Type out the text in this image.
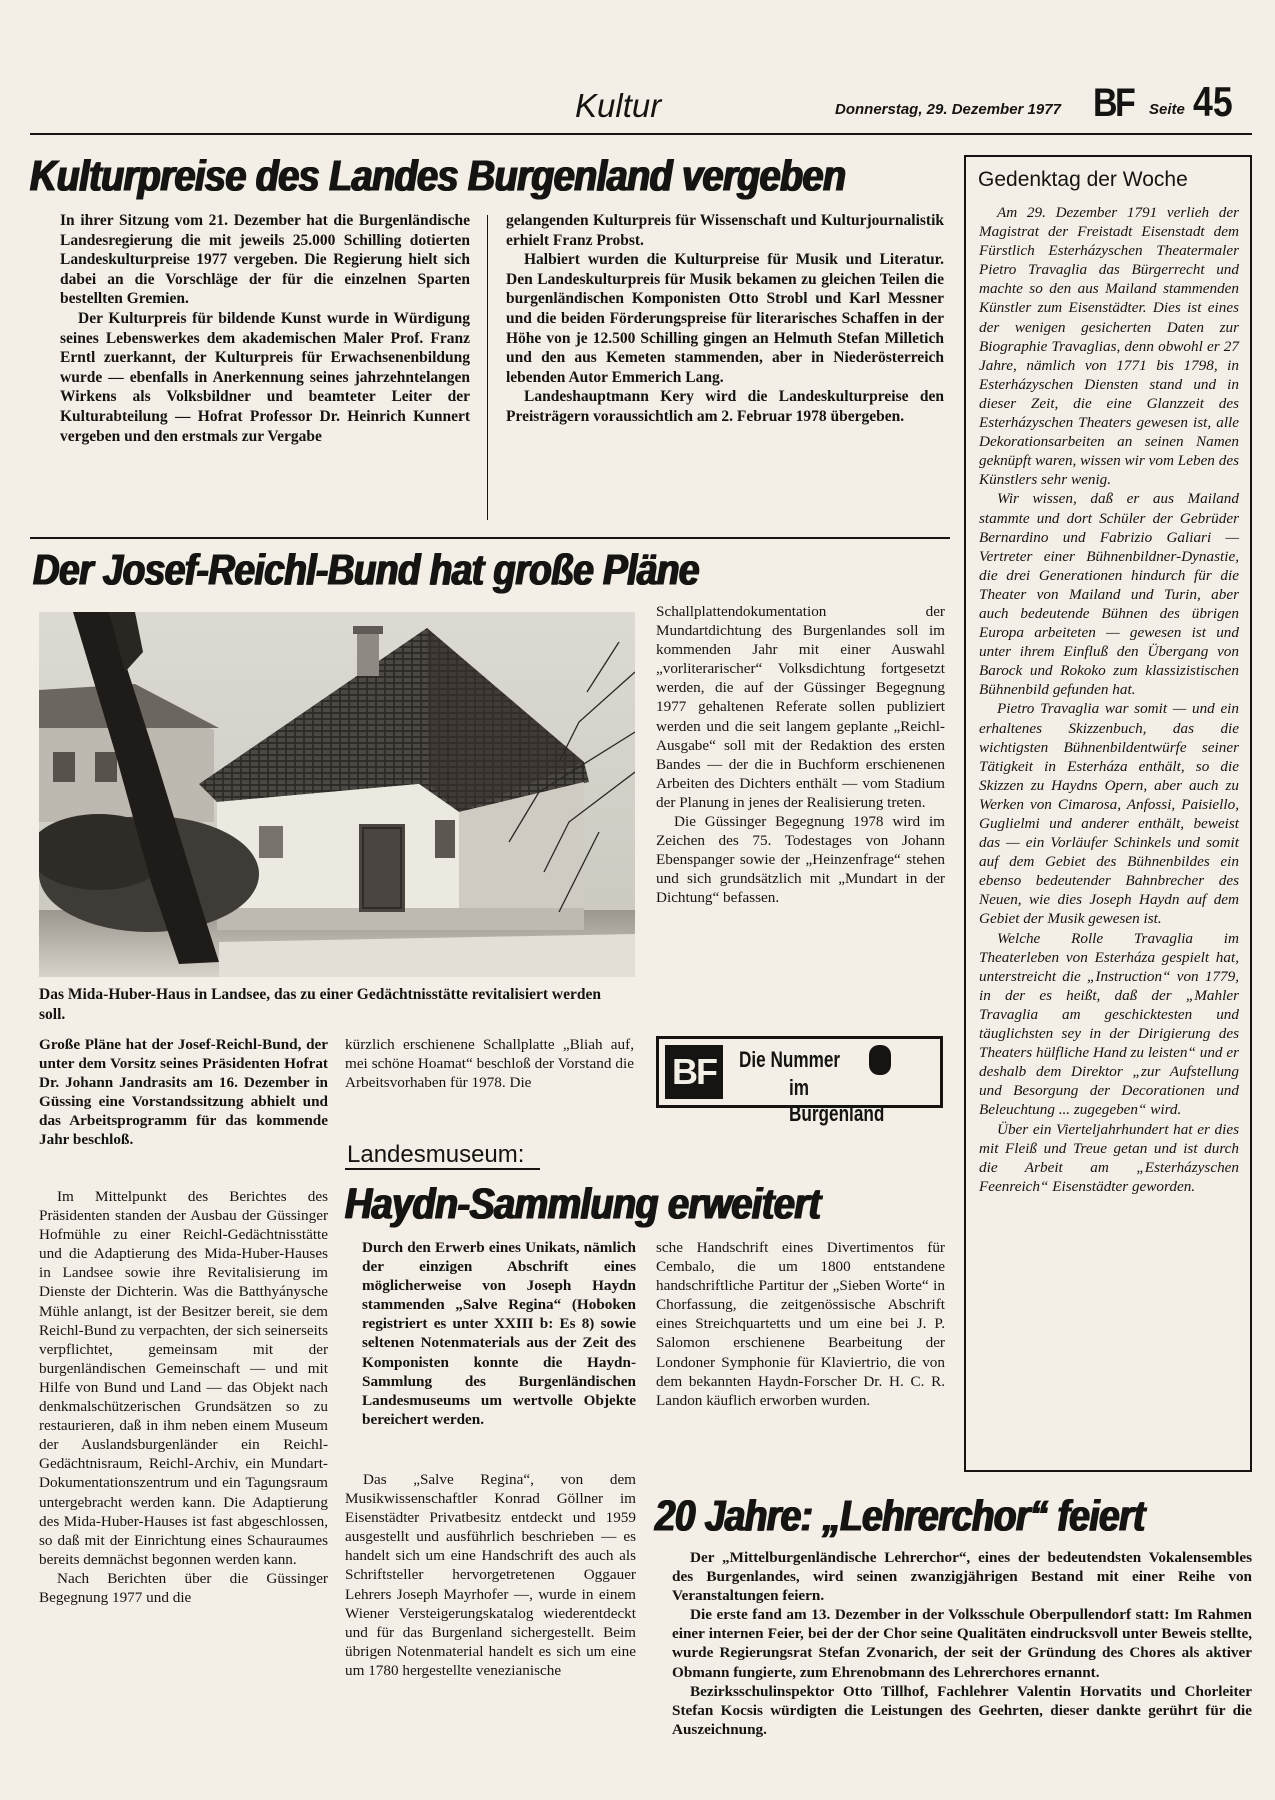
Kultur	Donnerstag, 29. Dezember 1977 BF Seite 45
Kulturpreise des Landes Burgenland vergeben

In ihrer Sitzung vom 21. Dezember hat die Burgenländische Landesregierung die mit jeweils 25.000 Schilling dotierten Landeskulturpreise 1977 vergeben. Die Regierung hielt sich dabei an die Vorschläge der für die einzelnen Sparten bestellten Gremien.

Der Kulturpreis für bildende Kunst wurde in Würdigung seines Lebenswerkes dem akademischen Maler Prof. Franz Erntl zuerkannt, der Kulturpreis für Erwachsenenbildung wurde — ebenfalls in Anerkennung seines jahrzehntelangen Wirkens als Volksbildner und beamteter Leiter der Kulturabteilung — Hofrat Professor Dr. Heinrich Kunnert vergeben und den erstmals zur Vergabe

gelangenden Kulturpreis für Wissenschaft und Kulturjournalistik erhielt Franz Probst.

Halbiert wurden die Kulturpreise für Musik und Literatur. Den Landeskulturpreis für Musik bekamen zu gleichen Teilen die burgenländischen Komponisten Otto Strobl und Karl Messner und die beiden Förderungspreise für literarisches Schaffen in der Höhe von je 12.500 Schilling gingen an Helmuth Stefan Milletich und den aus Kemeten stammenden, aber in Niederösterreich lebenden Autor Emmerich Lang.

Landeshauptmann Kery wird die Landeskulturpreise den Preisträgern voraussichtlich am 2. Februar 1978 übergeben.

Der Josef-Reichl-Bund hat große Pläne
Das Mida-Huber-Haus in Landsee, das zu einer Gedächtnisstätte revitalisiert werden soll.

Schallplattendokumentation der Mundartdichtung des Burgenlandes soll im kommenden Jahr mit einer Auswahl „vorliterarischer“ Volksdichtung fortgesetzt werden, die auf der Güssinger Begegnung 1977 gehaltenen Referate sollen publiziert werden und die seit langem geplante „Reichl-Ausgabe“ soll mit der Redaktion des ersten Bandes — der die in Buchform erschienenen Arbeiten des Dichters enthält — vom Stadium der Planung in jenes der Realisierung treten.

Die Güssinger Begegnung 1978 wird im Zeichen des 75. Todestages von Johann Ebenspanger sowie der „Heinzenfrage“ stehen und sich grundsätzlich mit „Mundart in der Dichtung“ befassen.

Große Pläne hat der Josef-Reichl-Bund, der unter dem Vorsitz seines Präsidenten Hofrat Dr. Johann Jandrasits am 16. Dezember in Güssing eine Vorstandssitzung abhielt und das Arbeitsprogramm für das kommende Jahr beschloß.

Im Mittelpunkt des Berichtes des Präsidenten standen der Ausbau der Güssinger Hofmühle zu einer Reichl-Gedächtnisstätte und die Adaptierung des Mida-Huber-Hauses in Landsee sowie ihre Revitalisierung im Dienste der Dichterin. Was die Batthyánysche Mühle anlangt, ist der Besitzer bereit, sie dem Reichl-Bund zu verpachten, der sich seinerseits verpflichtet, gemeinsam mit der burgenländischen Gemeinschaft — und mit Hilfe von Bund und Land — das Objekt nach denkmalschützerischen Grundsätzen so zu restaurieren, daß in ihm neben einem Museum der Auslandsburgenländer ein Reichl-Gedächtnisraum, Reichl-Archiv, ein Mundart-Dokumentationszentrum und ein Tagungsraum untergebracht werden kann. Die Adaptierung des Mida-Huber-Hauses ist fast abgeschlossen, so daß mit der Einrichtung eines Schauraumes bereits demnächst begonnen werden kann.

Nach Berichten über die Güssinger Begegnung 1977 und die

kürzlich erschienene Schallplatte „Bliah auf, mei schöne Hoamat“ beschloß der Vorstand die Arbeitsvorhaben für 1978. Die	BF	Die Nummer
im Burgenland
Landesmuseum:
Haydn-Sammlung erweitert
Durch den Erwerb eines Unikats, nämlich der einzigen Abschrift eines möglicherweise von Joseph Haydn stammenden „Salve Regina“ (Hoboken registriert es unter XXIII b: Es 8) sowie seltenen Notenmaterials aus der Zeit des Komponisten konnte die Haydn-Sammlung des Burgenländischen Landesmuseums um wertvolle Objekte bereichert werden.

Das „Salve Regina“, von dem Musikwissenschaftler Konrad Göllner im Eisenstädter Privatbesitz entdeckt und 1959 ausgestellt und ausführlich beschrieben — es handelt sich um eine Handschrift des auch als Schriftsteller hervorgetretenen Oggauer Lehrers Joseph Mayrhofer —, wurde in einem Wiener Versteigerungskatalog wiederentdeckt und für das Burgenland sichergestellt. Beim übrigen Notenmaterial handelt es sich um eine um 1780 hergestellte venezianische

sche Handschrift eines Divertimentos für Cembalo, die um 1800 entstandene handschriftliche Partitur der „Sieben Worte“ in Chorfassung, die zeitgenössische Abschrift eines Streichquartetts und um eine bei J. P. Salomon erschienene Bearbeitung der Londoner Symphonie für Klaviertrio, die von dem bekannten Haydn-Forscher Dr. H. C. R. Landon käuflich erworben wurden.

Gedenktag der Woche

Am 29. Dezember 1791 verlieh der Magistrat der Freistadt Eisenstadt dem Fürstlich Esterházyschen Theatermaler Pietro Travaglia das Bürgerrecht und machte so den aus Mailand stammenden Künstler zum Eisenstädter. Dies ist eines der wenigen gesicherten Daten zur Biographie Travaglias, denn obwohl er 27 Jahre, nämlich von 1771 bis 1798, in Esterházyschen Diensten stand und in dieser Zeit, die eine Glanzzeit des Esterházyschen Theaters gewesen ist, alle Dekorationsarbeiten an seinen Namen geknüpft waren, wissen wir vom Leben des Künstlers sehr wenig.

Wir wissen, daß er aus Mailand stammte und dort Schüler der Gebrüder Bernardino und Fabrizio Galiari — Vertreter einer Bühnenbildner-Dynastie, die drei Generationen hindurch für die Theater von Mailand und Turin, aber auch bedeutende Bühnen des übrigen Europa arbeiteten — gewesen ist und unter ihrem Einfluß den Übergang von Barock und Rokoko zum klassizistischen Bühnenbild gefunden hat.

Pietro Travaglia war somit — und ein erhaltenes Skizzenbuch, das die wichtigsten Bühnenbildentwürfe seiner Tätigkeit in Esterháza enthält, so die Skizzen zu Haydns Opern, aber auch zu Werken von Cimarosa, Anfossi, Paisiello, Guglielmi und anderer enthält, beweist das — ein Vorläufer Schinkels und somit auf dem Gebiet des Bühnenbildes ein ebenso bedeutender Bahnbrecher des Neuen, wie dies Joseph Haydn auf dem Gebiet der Musik gewesen ist.

Welche Rolle Travaglia im Theaterleben von Esterháza gespielt hat, unterstreicht die „Instruction“ von 1779, in der es heißt, daß der „Mahler Travaglia am geschicktesten und täuglichsten sey in der Dirigierung des Theaters hülfliche Hand zu leisten“ und er deshalb dem Direktor „zur Aufstellung und Besorgung der Decorationen und Beleuchtung ... zugegeben“ wird.

Über ein Vierteljahrhundert hat er dies mit Fleiß und Treue getan und ist durch die Arbeit am „Esterházyschen Feenreich“ Eisenstädter geworden.

20 Jahre: „Lehrerchor“ feiert

Der „Mittelburgenländische Lehrerchor“, eines der bedeutendsten Vokalensembles des Burgenlandes, wird seinen zwanzigjährigen Bestand mit einer Reihe von Veranstaltungen feiern.

Die erste fand am 13. Dezember in der Volksschule Oberpullendorf statt: Im Rahmen einer internen Feier, bei der der Chor seine Qualitäten eindrucksvoll unter Beweis stellte, wurde Regierungsrat Stefan Zvonarich, der seit der Gründung des Chores als aktiver Obmann fungierte, zum Ehrenobmann des Lehrerchores ernannt.

Bezirksschulinspektor Otto Tillhof, Fachlehrer Valentin Horvatits und Chorleiter Stefan Kocsis würdigten die Leistungen des Geehrten, dieser dankte gerührt für die Auszeichnung.
